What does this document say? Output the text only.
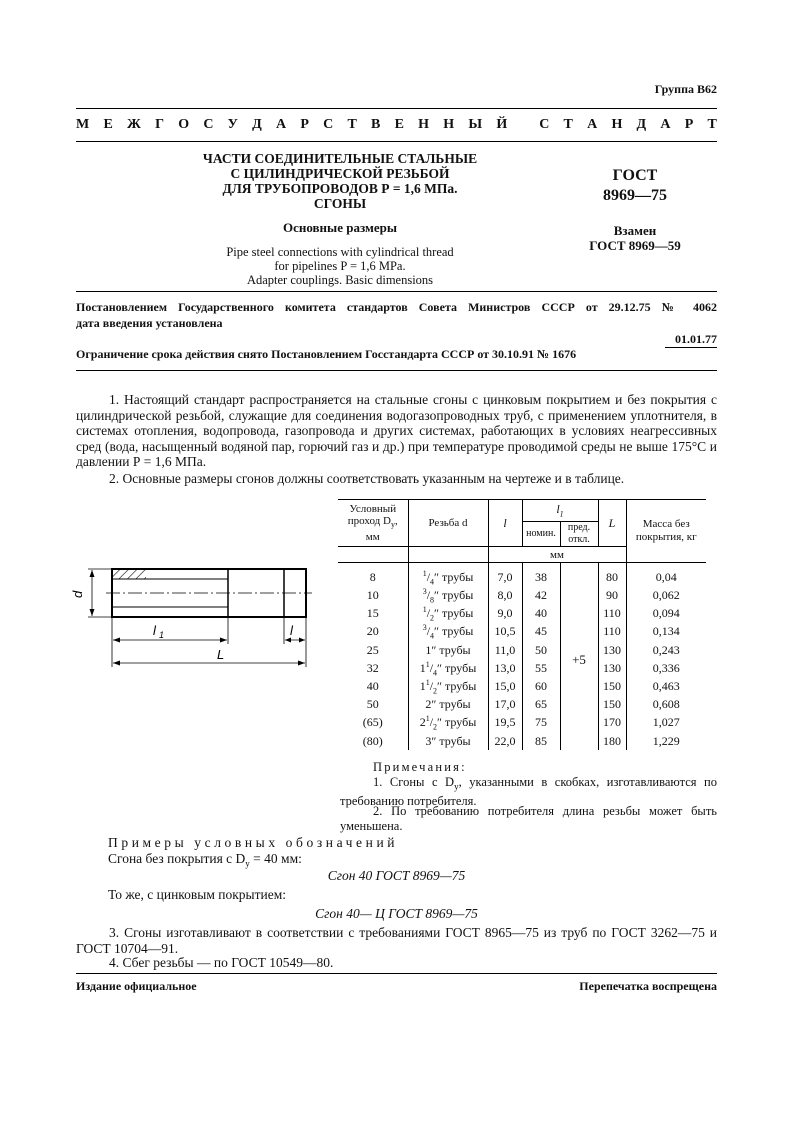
Группа В62
М Е Ж Г О С У Д А Р С Т В Е Н Н Ы Й
С Т А Н Д А Р Т
ЧАСТИ СОЕДИНИТЕЛЬНЫЕ СТАЛЬНЫЕ
С ЦИЛИНДРИЧЕСКОЙ РЕЗЬБОЙ
ДЛЯ ТРУБОПРОВОДОВ Р = 1,6 МПа.
СГОНЫ
Основные размеры
Pipe steel connections with cylindrical thread
for pipelines P = 1,6 MPa.
Adapter couplings. Basic dimensions
ГОСТ
8969—75
Взамен
ГОСТ 8969—59
Постановлением Государственного комитета стандартов Совета Министров СССР от 29.12.75 № 4062
дата введения установлена
01.01.77
Ограничение срока действия снято Постановлением Госстандарта СССР от 30.10.91 № 1676
1. Настоящий стандарт распространяется на стальные сгоны с цинковым покрытием и без покрытия с цилиндрической резьбой, служащие для соединения водогазопроводных труб, с применением уплотнителя, в системах отопления, водопровода, газопровода и других системах, работающих в условиях неагрессивных сред (вода, насыщенный водяной пар, горючий газ и др.) при температуре проводимой среды не выше 175°С и давлении Р = 1,6 МПа.
2. Основные размеры сгонов должны соответствовать указанным на чертеже и в таблице.
d
l 1	l
L
Условный проход $D_у$,
мм	Резьба d	l	$l_1$		L	Масса без покрытия, кг
			номин.	пред. откл.		
		мм				
8	$^1/_4''$ трубы	7,0	38	+5	80	0,04
10	$^3/_8''$ трубы	8,0	42		90	0,062
15	$^1/_2''$ трубы	9,0	40		110	0,094
20	$^3/_4''$ трубы	10,5	45		110	0,134
25	1″ трубы	11,0	50		130	0,243
32	$1^1/_4''$ трубы	13,0	55		130	0,336
40	$1^1/_2''$ трубы	15,0	60		150	0,463
50	2″ трубы	17,0	65		150	0,608
(65)	$2^1/_2''$ трубы	19,5	75		170	1,027
(80)	3″ трубы	22,0	85		180	1,229
Примечания:
1. Сгоны с $D_у$, указанными в скобках, изготавливаются по требованию потребителя.
2. По требованию потребителя длина резьбы может быть уменьшена.
Примеры условных обозначений
Сгона без покрытия с $D_у = 40$ мм:
Сгон 40 ГОСТ 8969—75
То же, с цинковым покрытием:
Сгон 40— Ц ГОСТ 8969—75
3. Сгоны изготавливают в соответствии с требованиями ГОСТ 8965—75 из труб по ГОСТ 3262—75 и ГОСТ 10704—91.
4. Сбег резьбы — по ГОСТ 10549—80.
Издание официальное	Перепечатка воспрещена
